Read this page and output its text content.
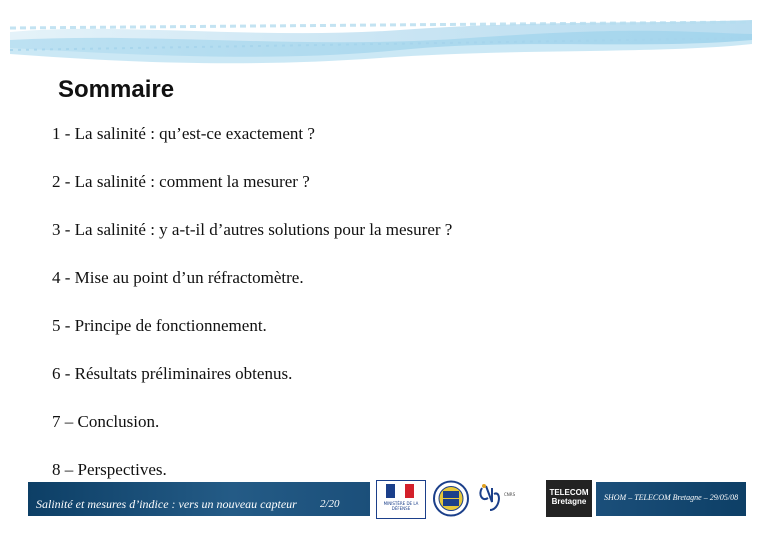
Sommaire
1 - La salinité : qu’est-ce exactement ?
2 - La salinité : comment la mesurer ?
3 - La salinité : y a-t-il d’autres solutions pour la mesurer ?
4 - Mise au point d’un réfractomètre.
5 - Principe de fonctionnement.
6 - Résultats préliminaires obtenus.
7 – Conclusion.
8 – Perspectives.
Salinité et mesures d’indice : vers un nouveau capteur 2/20	MINISTÈRE DE LA DÉFENSE
CNRS	TELECOM
Bretagne	SHOM – TELECOM Bretagne – 29/05/08
